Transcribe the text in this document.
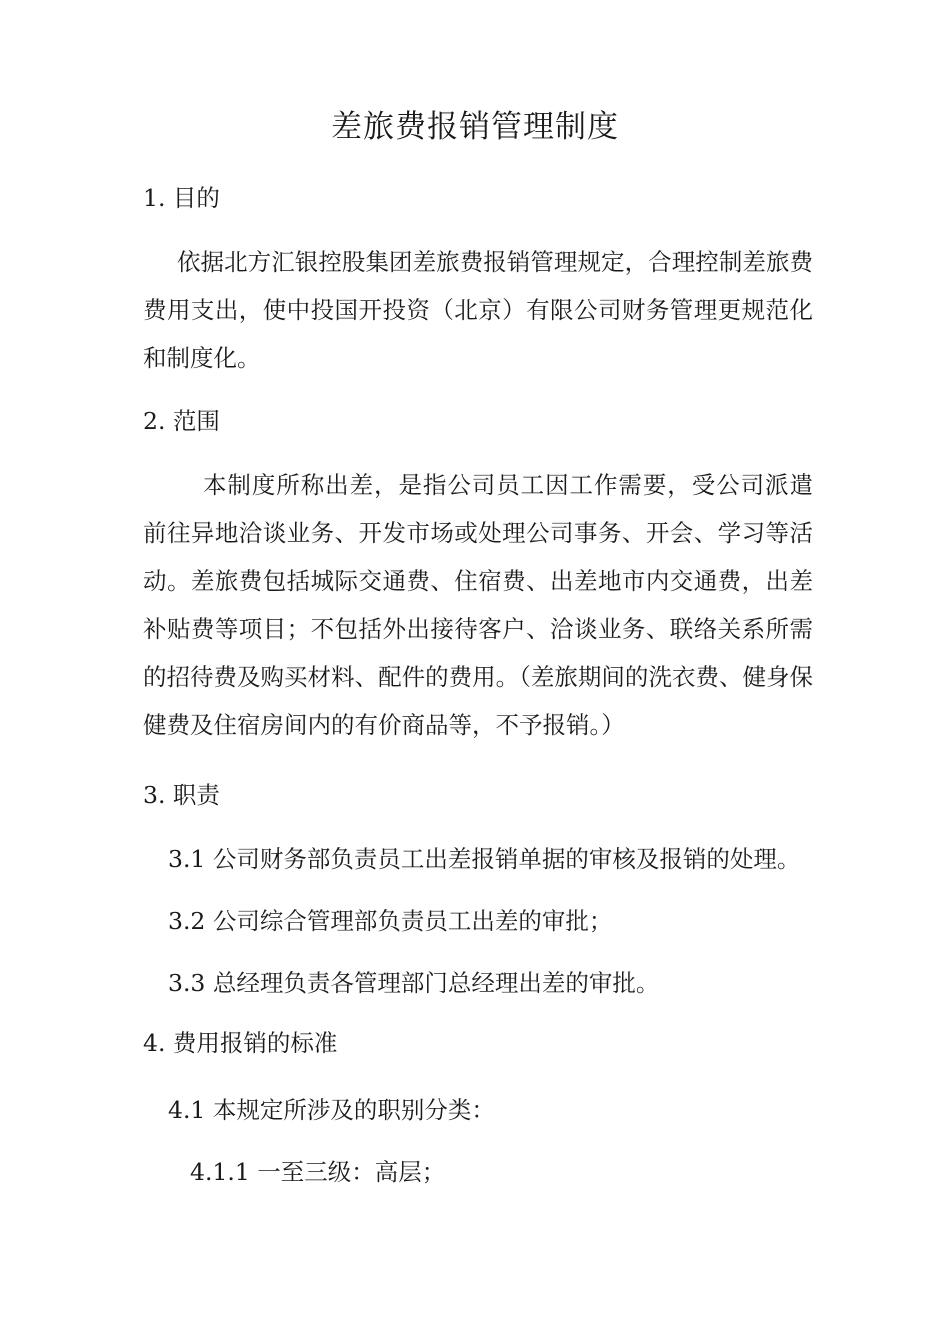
差旅费报销管理制度

1. 目的

依据北方汇银控股集团差旅费报销管理规定，合理控制差旅费费用支出，使中投国开投资（北京）有限公司财务管理更规范化和制度化。

2. 范围

本制度所称出差，是指公司员工因工作需要，受公司派遣前往异地洽谈业务、开发市场或处理公司事务、开会、学习等活动。差旅费包括城际交通费、住宿费、出差地市内交通费，出差补贴费等项目；不包括外出接待客户、洽谈业务、联络关系所需的招待费及购买材料、配件的费用。（差旅期间的洗衣费、健身保健费及住宿房间内的有价商品等，不予报销。）

3. 职责

3.1 公司财务部负责员工出差报销单据的审核及报销的处理。

3.2 公司综合管理部负责员工出差的审批；

3.3 总经理负责各管理部门总经理出差的审批。

4. 费用报销的标准

4.1 本规定所涉及的职别分类：

4.1.1 一至三级：高层；
